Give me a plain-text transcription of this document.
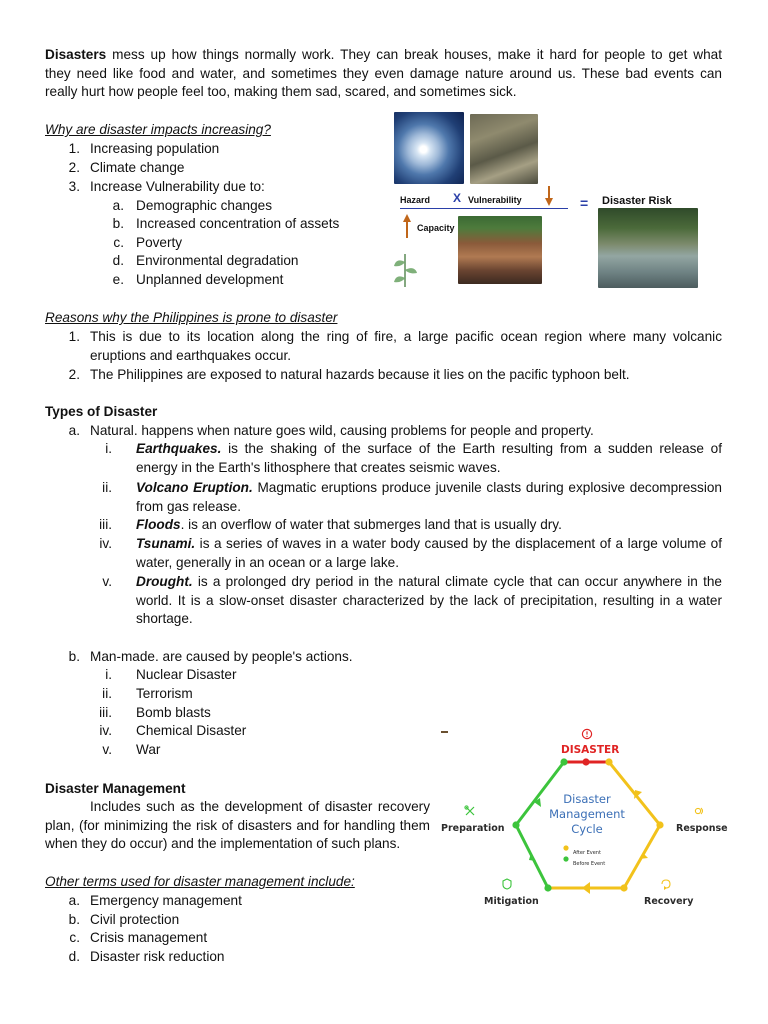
Disasters mess up how things normally work. They can break houses, make it hard for people to get what
they need like food and water, and sometimes they even damage nature around us. These bad events can
really hurt how people feel too, making them sad, scared, and sometimes sick.
Why are disaster impacts increasing?
1. Increasing population
2. Climate change
3. Increase Vulnerability due to:
a. Demographic changes
b. Increased concentration of assets
c. Poverty
d. Environmental degradation
e. Unplanned development
Hazard X Vulnerability	= Disaster Risk
Capacity
Reasons why the Philippines is prone to disaster
1. This is due to its location along the ring of fire, a large pacific ocean region where many volcanic
eruptions and earthquakes occur.
2. The Philippines are exposed to natural hazards because it lies on the pacific typhoon belt.
Types of Disaster
a. Natural. happens when nature goes wild, causing problems for people and property.
i. Earthquakes. is the shaking of the surface of the Earth resulting from a sudden release of
energy in the Earth's lithosphere that creates seismic waves.
ii. Volcano Eruption. Magmatic eruptions produce juvenile clasts during explosive decompression
from gas release.
iii. Floods. is an overflow of water that submerges land that is usually dry.
iv. Tsunami. is a series of waves in a water body caused by the displacement of a large volume of
water, generally in an ocean or a large lake.
v. Drought. is a prolonged dry period in the natural climate cycle that can occur anywhere in the
world. It is a slow-onset disaster characterized by the lack of precipitation, resulting in a water
shortage.
b. Man-made. are caused by people's actions.
i. Nuclear Disaster
ii. Terrorism
iii. Bomb blasts
iv. Chemical Disaster
v. War
Disaster Management
Includes such as the development of disaster recovery
plan, (for minimizing the risk of disasters and for handling them
when they do occur) and the implementation of such plans.
Other terms used for disaster management include:
a. Emergency management
b. Civil protection
c. Crisis management
d. Disaster risk reduction
DISASTER
Disaster
Management
Cycle
After Event
Before Event
Preparation	Response
Mitigation	Recovery
